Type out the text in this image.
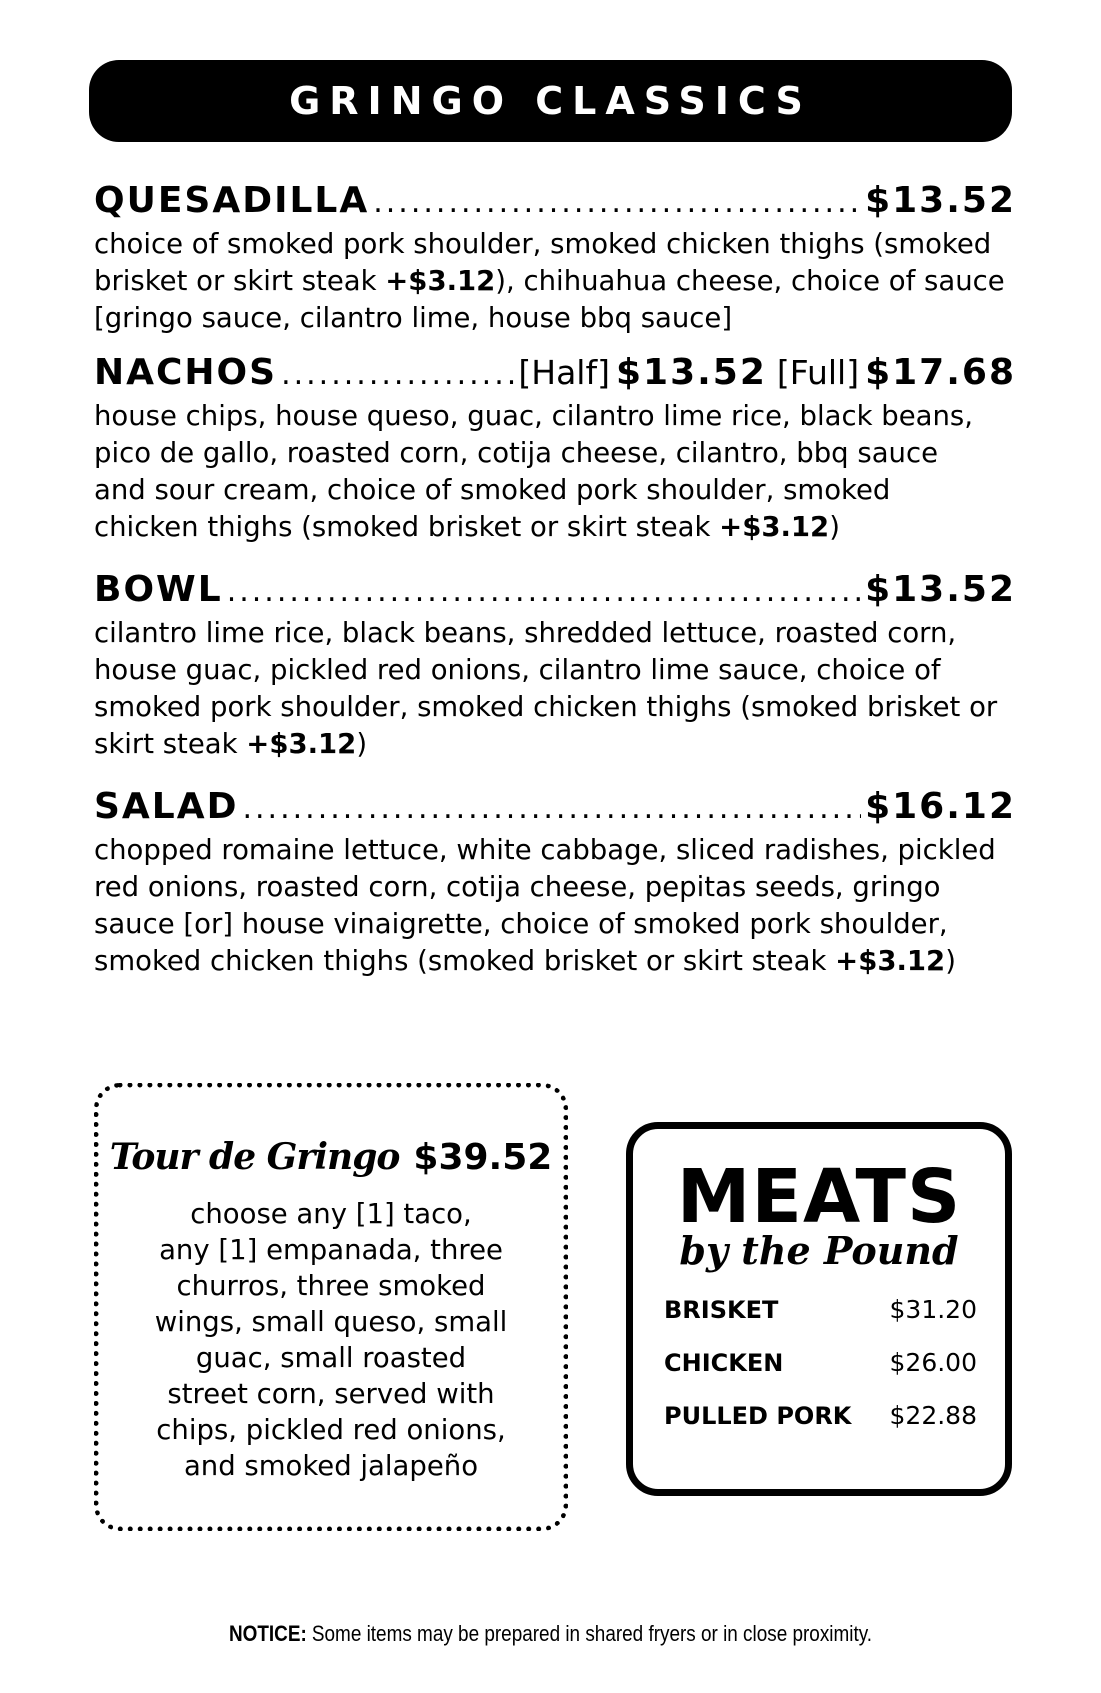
GRINGO CLASSICS
QUESADILLA .....	$13.52
choice of smoked pork shoulder, smoked chicken thighs (smoked
brisket or skirt steak +$3.12), chihuahua cheese, choice of sauce
[gringo sauce, cilantro lime, house bbq sauce]
NACHOS .....	[Half] $13.52 [Full] $17.68
house chips, house queso, guac, cilantro lime rice, black beans,
pico de gallo, roasted corn, cotija cheese, cilantro, bbq sauce
and sour cream, choice of smoked pork shoulder, smoked
chicken thighs (smoked brisket or skirt steak +$3.12)
BOWL .....	$13.52
cilantro lime rice, black beans, shredded lettuce, roasted corn,
house guac, pickled red onions, cilantro lime sauce, choice of
smoked pork shoulder, smoked chicken thighs (smoked brisket or
skirt steak +$3.12)
SALAD .....	$16.12
chopped romaine lettuce, white cabbage, sliced radishes, pickled
red onions, roasted corn, cotija cheese, pepitas seeds, gringo
sauce [or] house vinaigrette, choice of smoked pork shoulder,
smoked chicken thighs (smoked brisket or skirt steak +$3.12)
Tour de Gringo $39.52
choose any [1] taco,
any [1] empanada, three
churros, three smoked
wings, small queso, small
guac, small roasted
street corn, served with
chips, pickled red onions,
and smoked jalapeño
MEATS
by the Pound
BRISKET	$31.20
CHICKEN	$26.00
PULLED PORK $22.88
NOTICE: Some items may be prepared in shared fryers or in close proximity.
